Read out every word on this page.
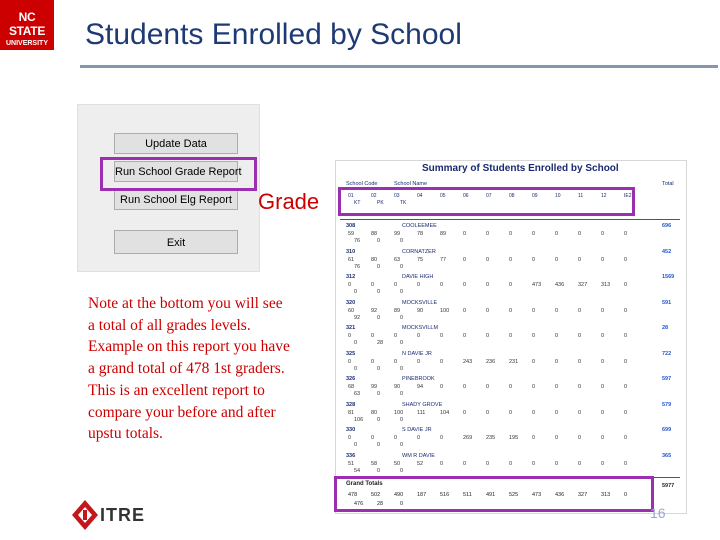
NC STATE
UNIVERSITY Students Enrolled by School
Update Data
Run School Grade Report
Run School Elg Report
Exit
Grade
Note at the bottom you will see a total of all grades levels. Example on this report you have a grand total of 478 1st graders. This is an excellent report to compare your before and after upstu totals.
Summary of Students Enrolled by School
School Code	School Name	Total
01	02	03	04	05	06	07	08	09	10	11	12	IE2
KT	PK	TK
308	COOLEEMEE	696
59	88	99	78	89	0	0	0	0	0	0	0	0
76	0	0
310	CORNATZER	452
61	80	63	75	77	0	0	0	0	0	0	0	0
76	0	0
312	DAVIE HIGH	1569
0	0	0	0	0	0	0	0	473	436	327	313	0
0	0	0
320	MOCKSVILLE	591
60	92	89	90	100	0	0	0	0	0	0	0	0
92	0	0
321	MOCKSVILLM	28
0	0	0	0	0	0	0	0	0	0	0	0	0
0	28	0
325	N DAVIE JR	722
0	0	0	0	0	243	236	231	0	0	0	0	0
0	0	0
326	PINEBROOK	597
68	99	90	94	0	0	0	0	0	0	0	0	0
63	0	0
328	SHADY GROVE	579
81	80	100	111	104	0	0	0	0	0	0	0	0
106	0	0
330	S DAVIE JR	699
0	0	0	0	0	269	235	195	0	0	0	0	0
0	0	0
336	WM R DAVIE	365
51	58	50	52	0	0	0	0	0	0	0	0	0
54	0	0
Grand Totals	5977
478	502	490	187	516	511	491	525	473	436	327	313	0
476	28	0
ITRE	16
